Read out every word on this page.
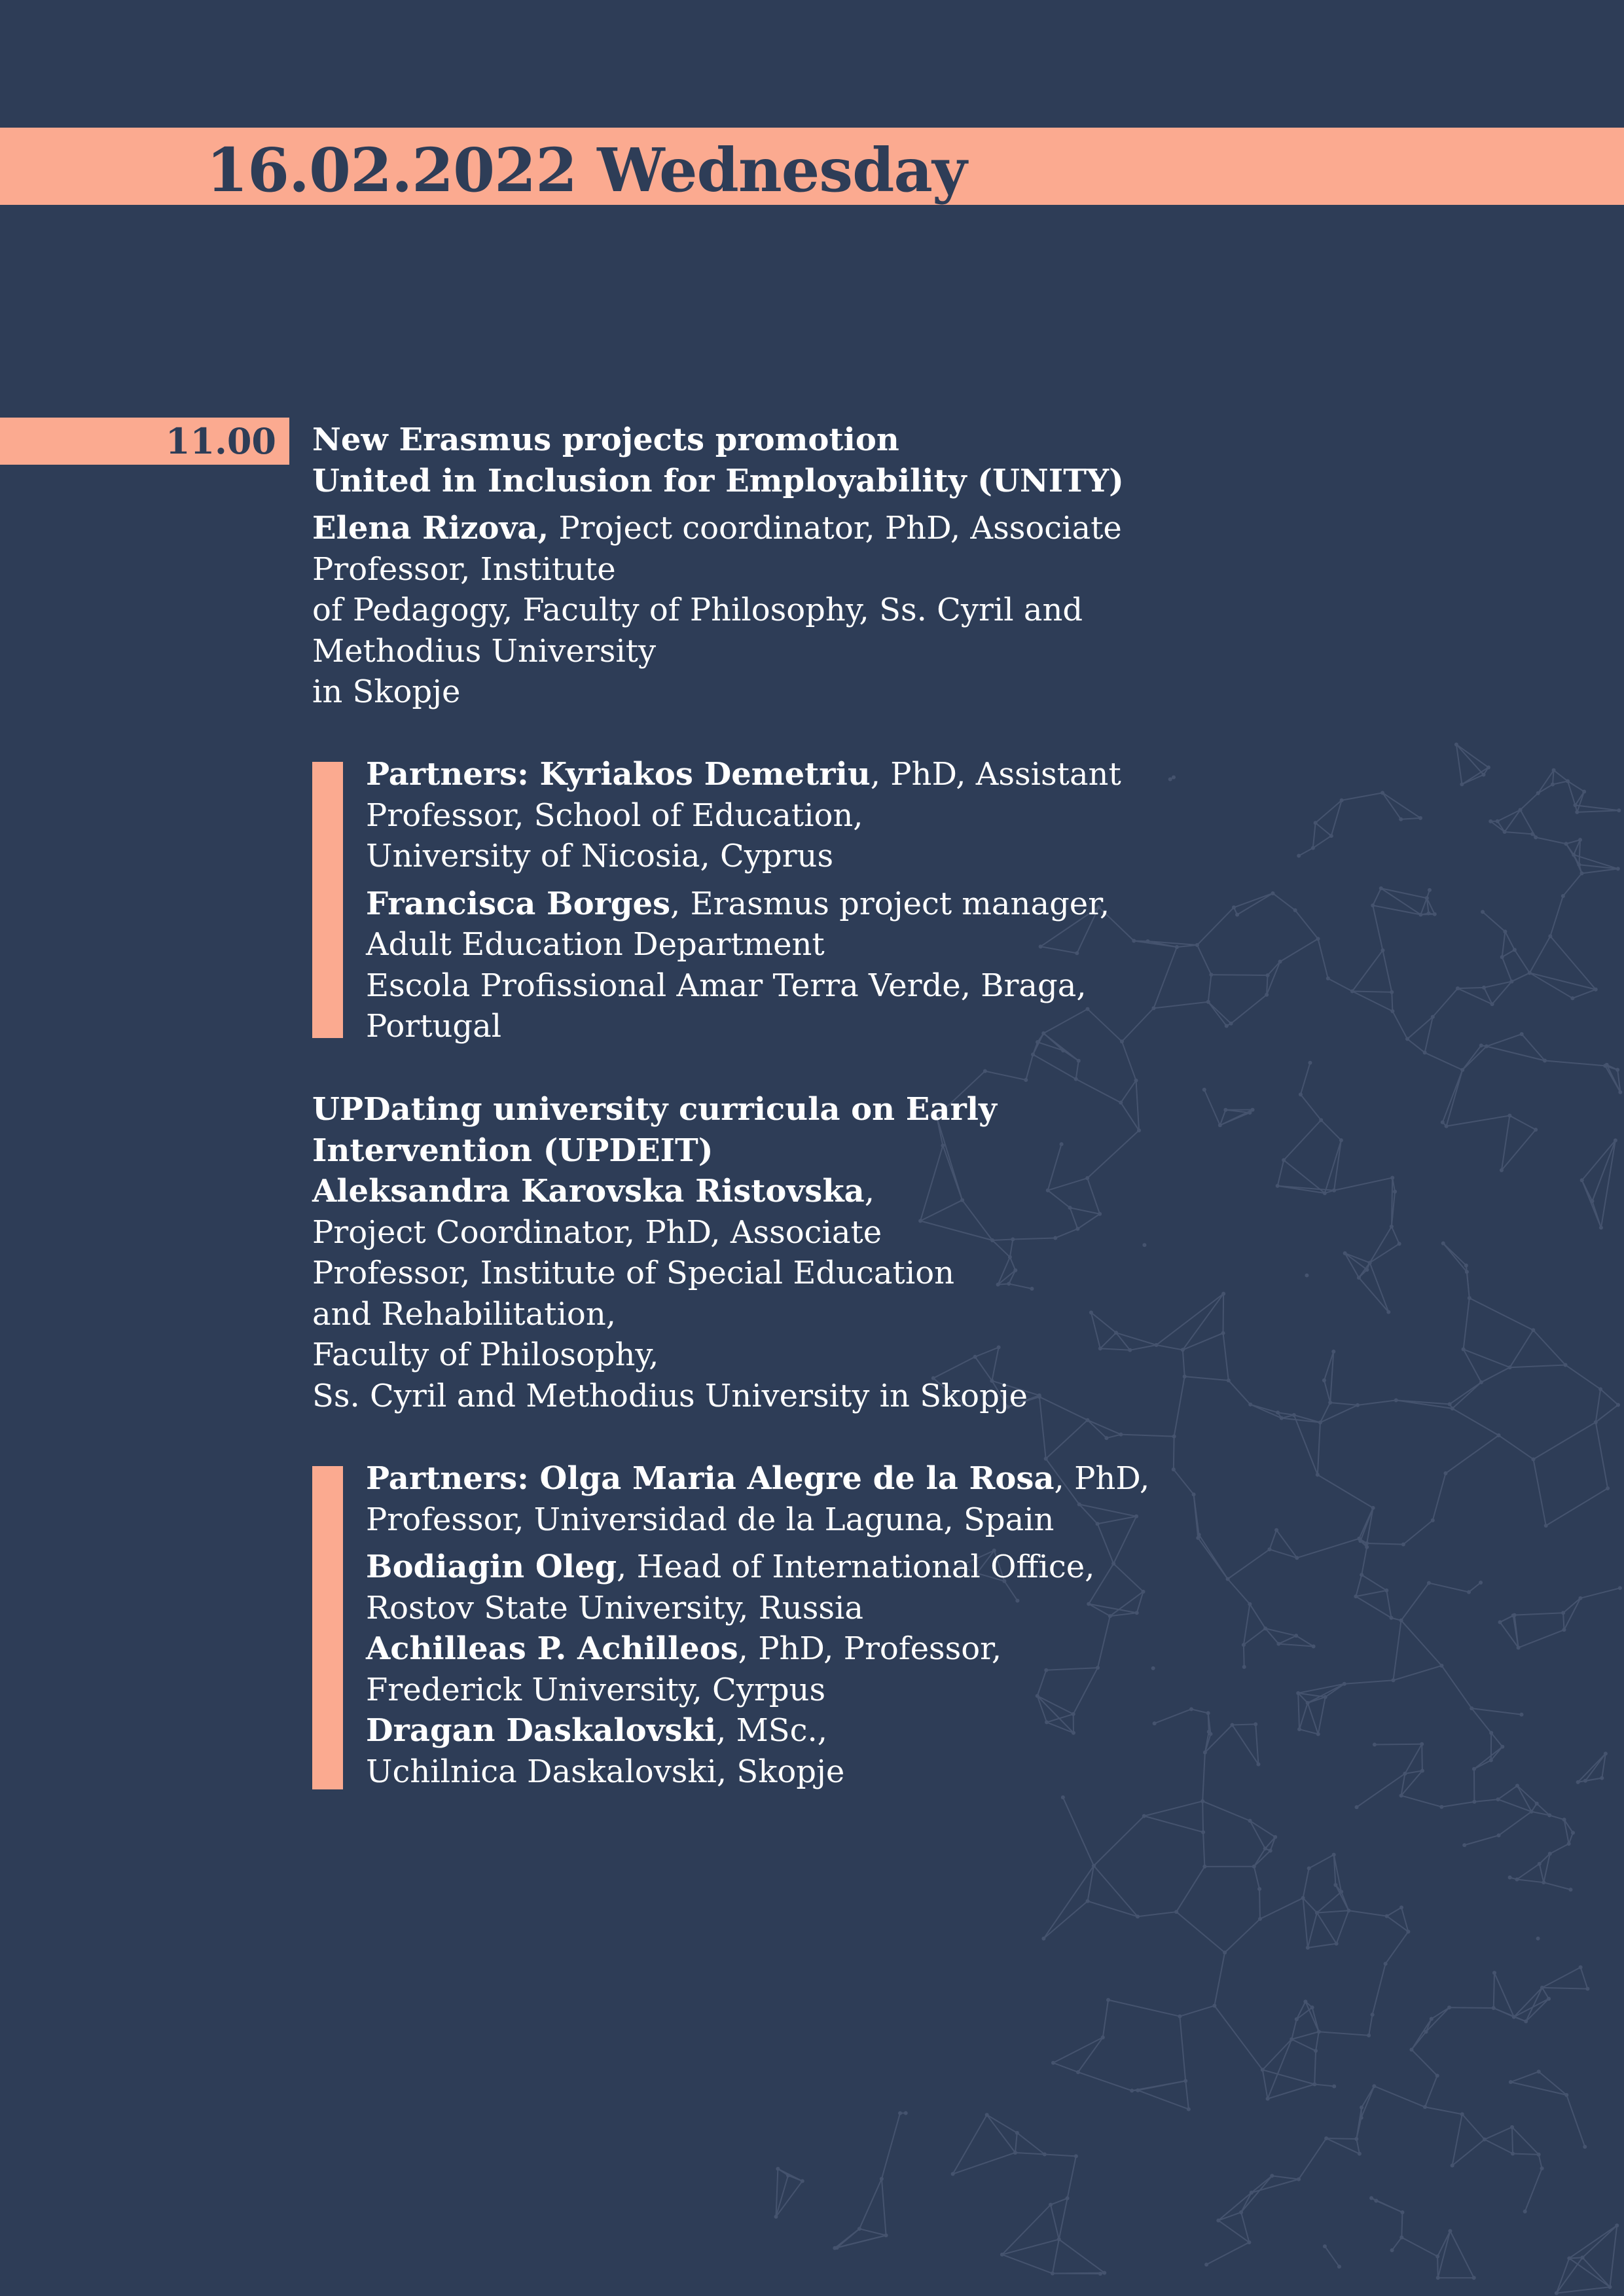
16.02.2022 Wednesday
11.00 New Erasmus projects promotion
United in Inclusion for Employability (UNITY)
Elena Rizova, Project coordinator, PhD, Associate
Professor, Institute
of Pedagogy, Faculty of Philosophy, Ss. Cyril and
Methodius University
in Skopje
Partners: Kyriakos Demetriu, PhD, Assistant
Professor, School of Education,
University of Nicosia, Cyprus
Francisca Borges, Erasmus project manager,
Adult Education Department
Escola Profissional Amar Terra Verde, Braga,
Portugal
UPDating university curricula on Early
Intervention (UPDEIT)
Aleksandra Karovska Ristovska,
Project Coordinator, PhD, Associate
Professor, Institute of Special Education
and Rehabilitation,
Faculty of Philosophy,
Ss. Cyril and Methodius University in Skopje
Partners: Olga Maria Alegre de la Rosa, PhD,
Professor, Universidad de la Laguna, Spain
Bodiagin Oleg, Head of International Office,
Rostov State University, Russia
Achilleas P. Achilleos, PhD, Professor,
Frederick University, Cyrpus
Dragan Daskalovski, MSc.,
Uchilnica Daskalovski, Skopje
